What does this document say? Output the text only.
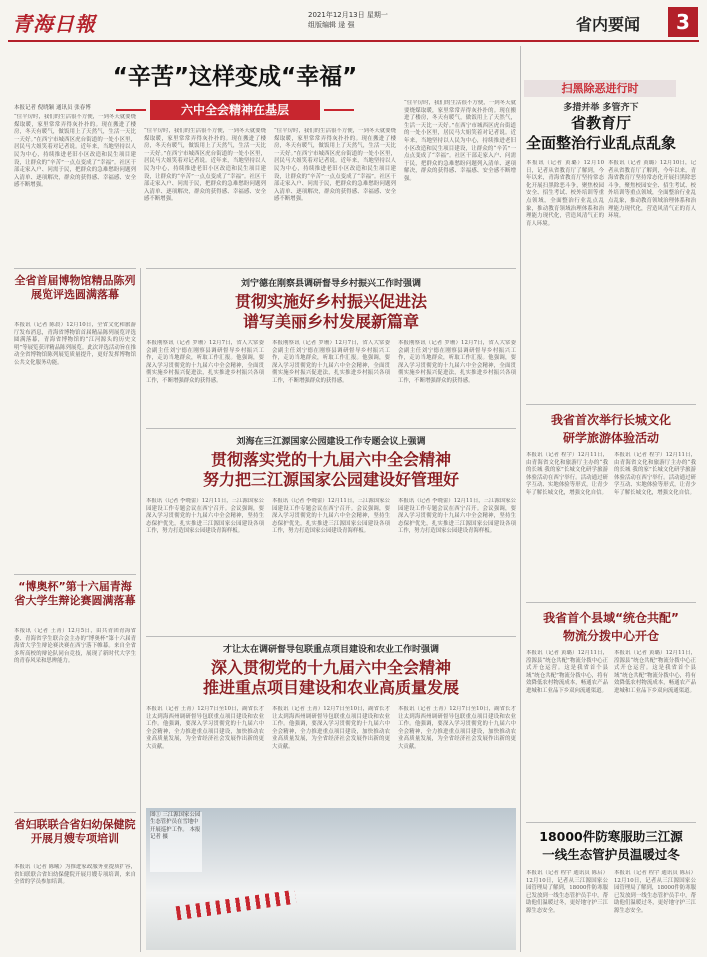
青海日報	2021年12月13日 星期一
组版编辑 逯 强	省内要闻	3
“辛苦”这样变成“幸福”
本报记者 倪晓颖 通讯员 张春博	六中全会精神在基层
“住平房时，我们的生活很不方便，一到冬天就要烧煤取暖，家里常常弄得灰扑扑的。现在搬进了楼房，冬天有暖气，做饭用上了天然气，生活一天比一天好。”在西宁市城西区虎台街道的一处小区里，居民马大姐笑着对记者说。近年来，当地坚持以人民为中心，持续推进老旧小区改造和民生项目建设，让群众的“辛苦”一点点变成了“幸福”。社区干部走家入户、问需于民，把群众的急难愁盼问题列入清单、逐项解决，群众的获得感、幸福感、安全感不断增强。
“住平房时，我们的生活很不方便，一到冬天就要烧煤取暖，家里常常弄得灰扑扑的。现在搬进了楼房，冬天有暖气，做饭用上了天然气，生活一天比一天好。”在西宁市城西区虎台街道的一处小区里，居民马大姐笑着对记者说。近年来，当地坚持以人民为中心，持续推进老旧小区改造和民生项目建设，让群众的“辛苦”一点点变成了“幸福”。社区干部走家入户、问需于民，把群众的急难愁盼问题列入清单、逐项解决，群众的获得感、幸福感、安全感不断增强。
“住平房时，我们的生活很不方便，一到冬天就要烧煤取暖，家里常常弄得灰扑扑的。现在搬进了楼房，冬天有暖气，做饭用上了天然气，生活一天比一天好。”在西宁市城西区虎台街道的一处小区里，居民马大姐笑着对记者说。近年来，当地坚持以人民为中心，持续推进老旧小区改造和民生项目建设，让群众的“辛苦”一点点变成了“幸福”。社区干部走家入户、问需于民，把群众的急难愁盼问题列入清单、逐项解决，群众的获得感、幸福感、安全感不断增强。
“住平房时，我们的生活很不方便，一到冬天就要烧煤取暖，家里常常弄得灰扑扑的。现在搬进了楼房，冬天有暖气，做饭用上了天然气，生活一天比一天好。”在西宁市城西区虎台街道的一处小区里，居民马大姐笑着对记者说。近年来，当地坚持以人民为中心，持续推进老旧小区改造和民生项目建设，让群众的“辛苦”一点点变成了“幸福”。社区干部走家入户、问需于民，把群众的急难愁盼问题列入清单、逐项解决，群众的获得感、幸福感、安全感不断增强。
全省首届博物馆精品陈列展览评选圆满落幕
本报讯（记者 陈晨）12月10日，全省文化和旅游厅发布消息，青海省博物馆首届精品陈列展览评选圆满落幕，青海省博物馆的“江河源头的历史文明”等展览获评精品陈列展览。此次评选活动旨在推动全省博物馆陈列展览质量提升，更好发挥博物馆公共文化服务功能。
“博奥杯”第十六届青海省大学生辩论赛圆满落幕
本报讯（记者 王菁）12月5日，由共青团青海省委、青海省学生联合会主办的“博奥杯”第十六届青海省大学生辩论赛决赛在西宁落下帷幕。来自全省多所高校的辩论队同台竞技，展现了新时代大学生的青春风采和思辨能力。
省妇联联合省妇幼保健院开展月嫂专项培训
本报讯（记者 陈曦）为推进家政服务业提质扩容，省妇联联合省妇幼保健院开展月嫂专项培训，来自全省的学员参加培训。
刘宁德在刚察县调研督导乡村振兴工作时强调
贯彻实施好乡村振兴促进法
谱写美丽乡村发展新篇章
本报刚察讯（记者 罗珊）12月7日，省人大常委会副主任刘宁德在刚察县调研督导乡村振兴工作，走访当地群众，听取工作汇报。他强调，要深入学习贯彻党的十九届六中全会精神，全面贯彻实施乡村振兴促进法，扎实推进乡村振兴各项工作，不断增强群众的获得感。
本报刚察讯（记者 罗珊）12月7日，省人大常委会副主任刘宁德在刚察县调研督导乡村振兴工作，走访当地群众，听取工作汇报。他强调，要深入学习贯彻党的十九届六中全会精神，全面贯彻实施乡村振兴促进法，扎实推进乡村振兴各项工作，不断增强群众的获得感。
本报刚察讯（记者 罗珊）12月7日，省人大常委会副主任刘宁德在刚察县调研督导乡村振兴工作，走访当地群众，听取工作汇报。他强调，要深入学习贯彻党的十九届六中全会精神，全面贯彻实施乡村振兴促进法，扎实推进乡村振兴各项工作，不断增强群众的获得感。
刘海在三江源国家公园建设工作专题会议上强调
贯彻落实党的十九届六中全会精神
努力把三江源国家公园建设好管理好
本报讯（记者 李晓蕾）12月11日，三江源国家公园建设工作专题会议在西宁召开。会议强调，要深入学习贯彻党的十九届六中全会精神，坚持生态保护优先，扎实推进三江源国家公园建设各项工作，努力打造国家公园建设青海样板。
本报讯（记者 李晓蕾）12月11日，三江源国家公园建设工作专题会议在西宁召开。会议强调，要深入学习贯彻党的十九届六中全会精神，坚持生态保护优先，扎实推进三江源国家公园建设各项工作，努力打造国家公园建设青海样板。
本报讯（记者 李晓蕾）12月11日，三江源国家公园建设工作专题会议在西宁召开。会议强调，要深入学习贯彻党的十九届六中全会精神，坚持生态保护优先，扎实推进三江源国家公园建设各项工作，努力打造国家公园建设青海样板。
才让太在调研督导包联重点项目建设和农业工作时强调
深入贯彻党的十九届六中全会精神
推进重点项目建设和农业高质量发展
本报讯（记者 王菁）12月7日至10日，副省长才让太到海西州调研督导包联重点项目建设和农业工作。他强调，要深入学习贯彻党的十九届六中全会精神，全力推进重点项目建设，加快推动农业高质量发展，为全省经济社会发展作出新的更大贡献。
本报讯（记者 王菁）12月7日至10日，副省长才让太到海西州调研督导包联重点项目建设和农业工作。他强调，要深入学习贯彻党的十九届六中全会精神，全力推进重点项目建设，加快推动农业高质量发展，为全省经济社会发展作出新的更大贡献。
本报讯（记者 王菁）12月7日至10日，副省长才让太到海西州调研督导包联重点项目建设和农业工作。他强调，要深入学习贯彻党的十九届六中全会精神，全力推进重点项目建设，加快推动农业高质量发展，为全省经济社会发展作出新的更大贡献。
图① 三江源国家公园生态管护员在雪地中开展巡护工作。 本报记者 摄
扫黑除恶进行时
多措并举 多管齐下
省教育厅
全面整治行业乱点乱象
本报讯（记者 黄璐）12月10日，记者从省教育厅了解到，今年以来，青海省教育厅坚持常态化开展扫黑除恶斗争，聚焦校园安全、招生考试、校外培训等重点领域，全面整治行业乱点乱象，推动教育领域治理体系和治理能力现代化，营造风清气正的育人环境。
本报讯（记者 黄璐）12月10日，记者从省教育厅了解到，今年以来，青海省教育厅坚持常态化开展扫黑除恶斗争，聚焦校园安全、招生考试、校外培训等重点领域，全面整治行业乱点乱象，推动教育领域治理体系和治理能力现代化，营造风清气正的育人环境。
我省首次举行长城文化
研学旅游体验活动
本报讯（记者 程宇）12月11日，由青海省文化和旅游厅主办的“我的长城 我的家”长城文化研学旅游体验活动在西宁举行。活动通过研学互动、实地体验等形式，让青少年了解长城文化，增强文化自信。
本报讯（记者 程宇）12月11日，由青海省文化和旅游厅主办的“我的长城 我的家”长城文化研学旅游体验活动在西宁举行。活动通过研学互动、实地体验等形式，让青少年了解长城文化，增强文化自信。
我省首个县域“统仓共配”
物流分拨中心开仓
本报讯（记者 黄璐）12月11日，湟源县“统仓共配”物流分拨中心正式开仓运营。这是我省首个县域“统仓共配”物流分拨中心，将有效降低农村物流成本，畅通农产品进城和工业品下乡双向流通渠道。
本报讯（记者 黄璐）12月11日，湟源县“统仓共配”物流分拨中心正式开仓运营。这是我省首个县域“统仓共配”物流分拨中心，将有效降低农村物流成本，畅通农产品进城和工业品下乡双向流通渠道。
18000件防寒服助三江源
一线生态管护员温暖过冬
本报讯（记者 程宇 通讯员 陈启）12月10日，记者从三江源国家公园管理局了解到，18000件防寒服已发放到一线生态管护员手中，帮助他们温暖过冬，更好地守护三江源生态安全。
本报讯（记者 程宇 通讯员 陈启）12月10日，记者从三江源国家公园管理局了解到，18000件防寒服已发放到一线生态管护员手中，帮助他们温暖过冬，更好地守护三江源生态安全。
